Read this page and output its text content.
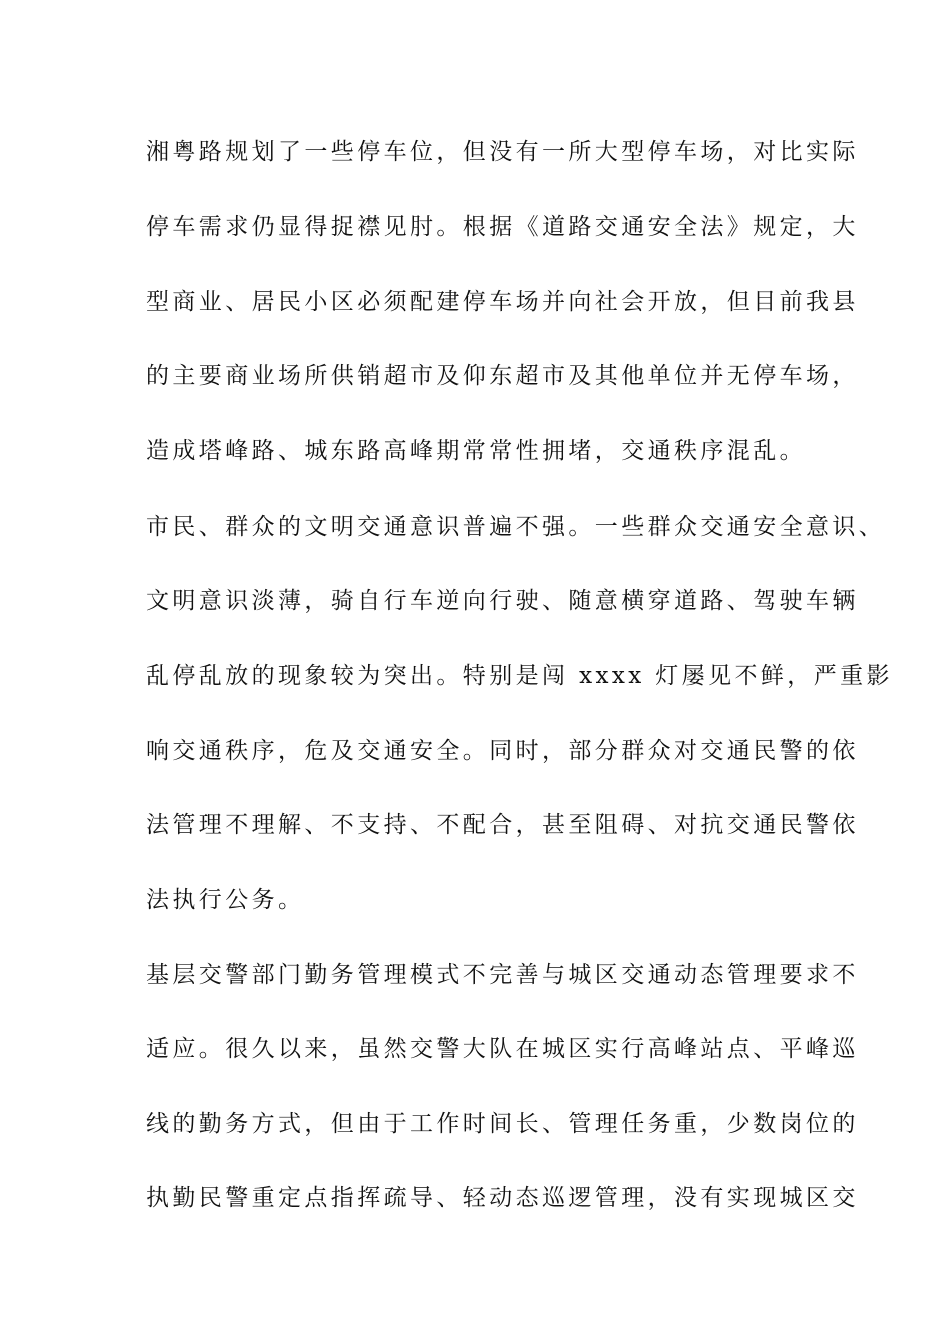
湘粤路规划了一些停车位，但没有一所大型停车场，对比实际
停车需求仍显得捉襟见肘。根据《道路交通安全法》规定，大
型商业、居民小区必须配建停车场并向社会开放，但目前我县
的主要商业场所供销超市及仰东超市及其他单位并无停车场，
造成塔峰路、城东路高峰期常常性拥堵，交通秩序混乱。
市民、群众的文明交通意识普遍不强。一些群众交通安全意识、
文明意识淡薄，骑自行车逆向行驶、随意横穿道路、驾驶车辆
乱停乱放的现象较为突出。特别是闯 xxxx 灯屡见不鲜，严重影
响交通秩序，危及交通安全。同时，部分群众对交通民警的依
法管理不理解、不支持、不配合，甚至阻碍、对抗交通民警依
法执行公务。
基层交警部门勤务管理模式不完善与城区交通动态管理要求不
适应。很久以来，虽然交警大队在城区实行高峰站点、平峰巡
线的勤务方式，但由于工作时间长、管理任务重，少数岗位的
执勤民警重定点指挥疏导、轻动态巡逻管理，没有实现城区交
